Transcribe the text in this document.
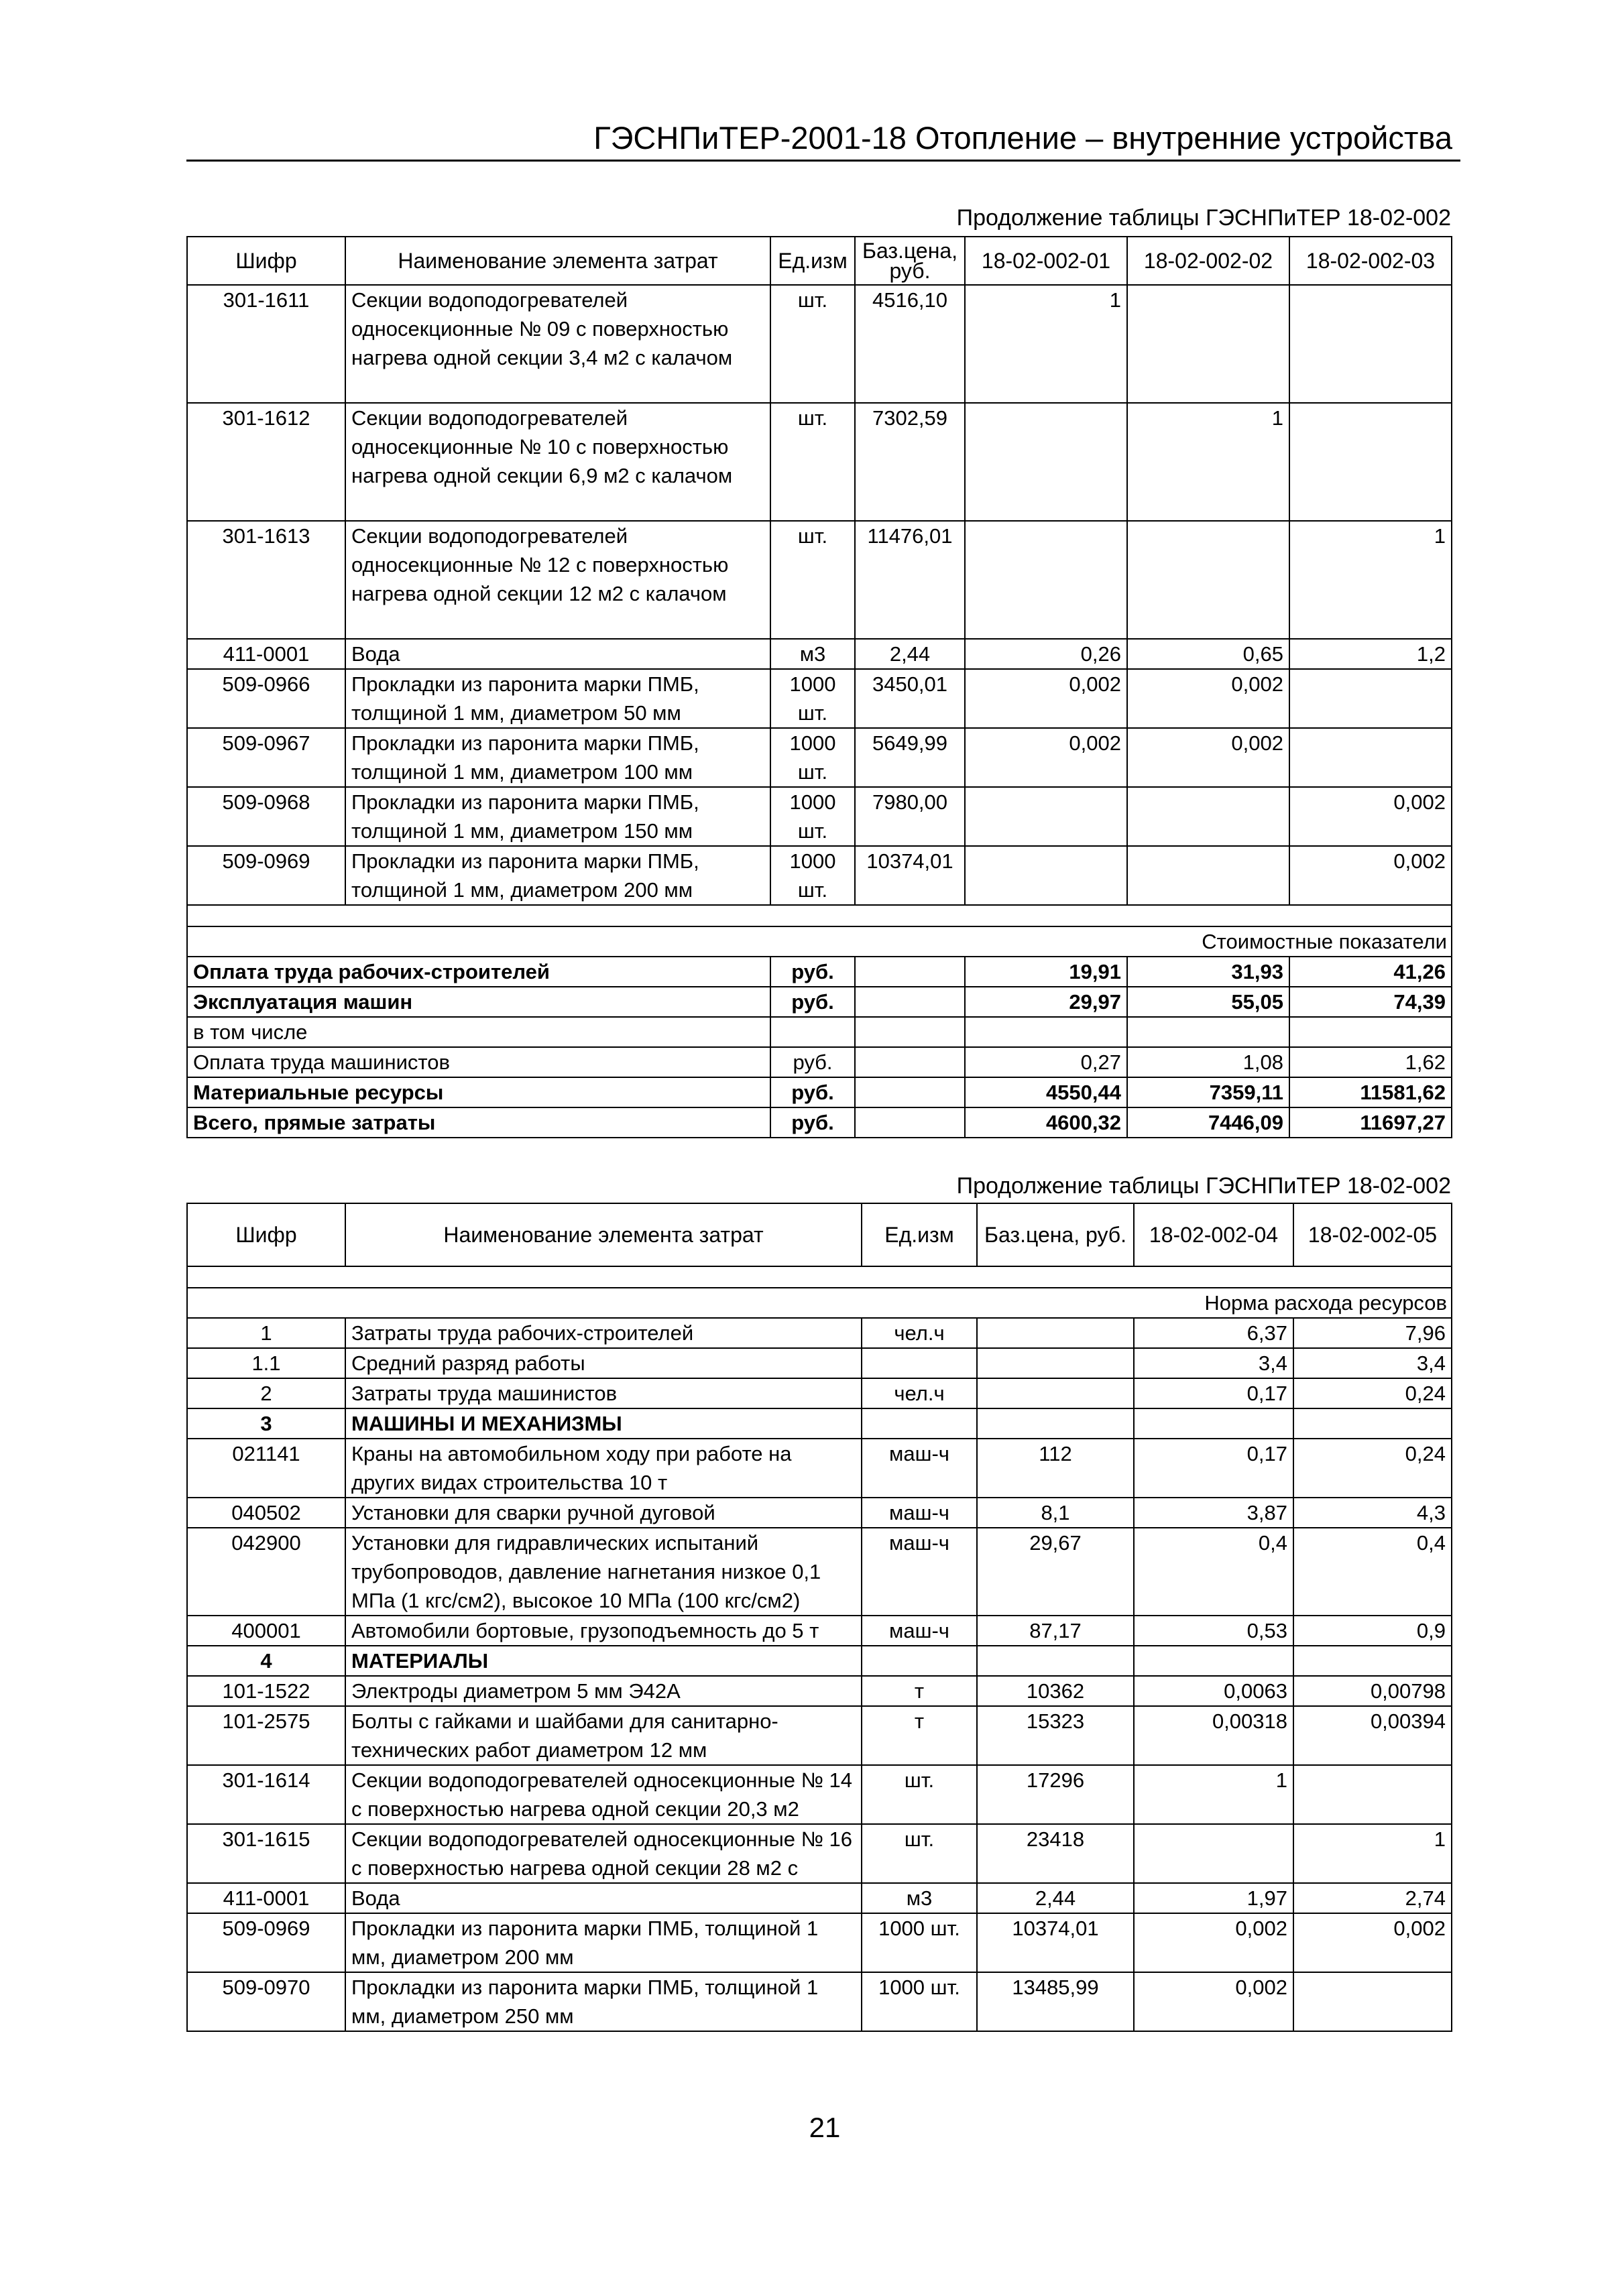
ГЭСНПиТЕР-2001-18 Отопление – внутренние устройства
Продолжение таблицы ГЭСНПиТЕР 18-02-002
Шифр	Наименование элемента затрат	Ед.изм	Баз.цена, руб.	18-02-002-01	18-02-002-02	18-02-002-03
301-1611	Секции водоподогревателей односекционные № 09 с поверхностью нагрева одной секции 3,4 м2 с калачом	шт.	4516,10	1		
301-1612	Секции водоподогревателей односекционные № 10 с поверхностью нагрева одной секции 6,9 м2 с калачом	шт.	7302,59		1	
301-1613	Секции водоподогревателей односекционные № 12 с поверхностью нагрева одной секции 12 м2 с калачом	шт.	11476,01			1
411-0001	Вода	м3	2,44	0,26	0,65	1,2
509-0966	Прокладки из паронита марки ПМБ, толщиной 1 мм, диаметром 50 мм	1000 шт.	3450,01	0,002	0,002	
509-0967	Прокладки из паронита марки ПМБ, толщиной 1 мм, диаметром 100 мм	1000 шт.	5649,99	0,002	0,002	
509-0968	Прокладки из паронита марки ПМБ, толщиной 1 мм, диаметром 150 мм	1000 шт.	7980,00			0,002
509-0969	Прокладки из паронита марки ПМБ, толщиной 1 мм, диаметром 200 мм	1000 шт.	10374,01			0,002

Стоимостные показатели						
Оплата труда рабочих-строителей		руб.		19,91	31,93	41,26
Эксплуатация машин		руб.		29,97	55,05	74,39
в том числе						
Оплата труда машинистов		руб.		0,27	1,08	1,62
Материальные ресурсы		руб.		4550,44	7359,11	11581,62
Всего, прямые затраты		руб.		4600,32	7446,09	11697,27
Продолжение таблицы ГЭСНПиТЕР 18-02-002
Шифр	Наименование элемента затрат	Ед.изм	Баз.цена, руб.	18-02-002-04	18-02-002-05

Норма расхода ресурсов					
1	Затраты труда рабочих-строителей	чел.ч		6,37	7,96
1.1	Средний разряд работы			3,4	3,4
2	Затраты труда машинистов	чел.ч		0,17	0,24
3	МАШИНЫ И МЕХАНИЗМЫ				
021141	Краны на автомобильном ходу при работе на других видах строительства 10 т	маш-ч	112	0,17	0,24
040502	Установки для сварки ручной дуговой	маш-ч	8,1	3,87	4,3
042900	Установки для гидравлических испытаний трубопроводов, давление нагнетания низкое 0,1 МПа (1 кгс/см2), высокое 10 МПа (100 кгс/см2)	маш-ч	29,67	0,4	0,4
400001	Автомобили бортовые, грузоподъемность до 5 т	маш-ч	87,17	0,53	0,9
4	МАТЕРИАЛЫ				
101-1522	Электроды диаметром 5 мм Э42А	т	10362	0,0063	0,00798
101-2575	Болты с гайками и шайбами для санитарно-технических работ диаметром 12 мм	т	15323	0,00318	0,00394
301-1614	Секции водоподогревателей односекционные № 14 с поверхностью нагрева одной секции 20,3 м2	шт.	17296	1	
301-1615	Секции водоподогревателей односекционные № 16 с поверхностью нагрева одной секции 28 м2 с	шт.	23418		1
411-0001	Вода	м3	2,44	1,97	2,74
509-0969	Прокладки из паронита марки ПМБ, толщиной 1 мм, диаметром 200 мм	1000 шт.	10374,01	0,002	0,002
509-0970	Прокладки из паронита марки ПМБ, толщиной 1 мм, диаметром 250 мм	1000 шт.	13485,99	0,002	
21
